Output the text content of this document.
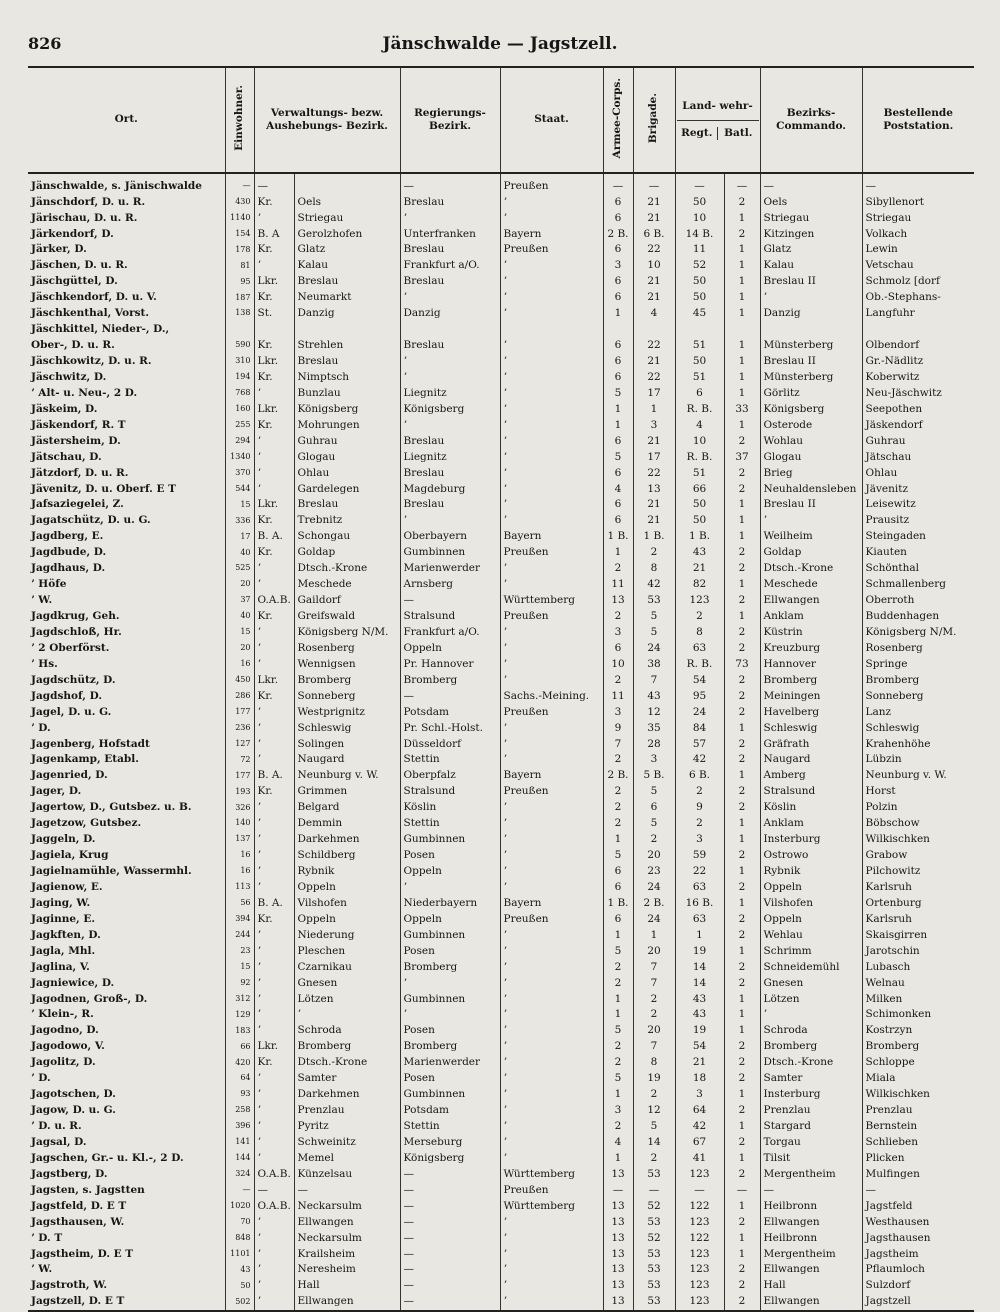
826	Jänschwalde — Jagstzell.
Ort.	Einwohner.	Verwaltungs- bezw. Aushebungs- Bezirk.		Regierungs- Bezirk.	Staat.	Armee-Corps.	Brigade.	Land- wehr-
Regt. Batl.		Bezirks- Commando.	Bestellende Poststation.
Jänschwalde, s. Jänischwalde	—	—		—	Preußen	—	—	—	—	—	—
Jänschdorf, D. u. R.	430	Kr.	Oels	Breslau	ʼ	6	21	50	2	Oels	Sibyllenort
Järischau, D. u. R.	1140	ʼ	Striegau	ʼ	ʼ	6	21	10	1	Striegau	Striegau
Järkendorf, D.	154	B. A	Gerolzhofen	Unterfranken	Bayern	2 B.	6 B.	14 B.	2	Kitzingen	Volkach
Järker, D.	178	Kr.	Glatz	Breslau	Preußen	6	22	11	1	Glatz	Lewin
Jäschen, D. u. R.	81	ʼ	Kalau	Frankfurt a/O.	ʼ	3	10	52	1	Kalau	Vetschau
Jäschgüttel, D.	95	Lkr.	Breslau	Breslau	ʼ	6	21	50	1	Breslau II	Schmolz [dorf
Jäschkendorf, D. u. V.	187	Kr.	Neumarkt	ʼ	ʼ	6	21	50	1	ʼ	Ob.-Stephans-
Jäschkenthal, Vorst.	138	St.	Danzig	Danzig	ʼ	1	4	45	1	Danzig	Langfuhr
Jäschkittel, Nieder-, D.,											
Ober-, D. u. R.	590	Kr.	Strehlen	Breslau	ʼ	6	22	51	1	Münsterberg	Olbendorf
Jäschkowitz, D. u. R.	310	Lkr.	Breslau	ʼ	ʼ	6	21	50	1	Breslau II	Gr.-Nädlitz
Jäschwitz, D.	194	Kr.	Nimptsch	ʼ	ʼ	6	22	51	1	Münsterberg	Koberwitz
ʼ Alt- u. Neu-, 2 D.	768	ʼ	Bunzlau	Liegnitz	ʼ	5	17	6	1	Görlitz	Neu-Jäschwitz
Jäskeim, D.	160	Lkr.	Königsberg	Königsberg	ʼ	1	1	R. B.	33	Königsberg	Seepothen
Jäskendorf, R. T	255	Kr.	Mohrungen	ʼ	ʼ	1	3	4	1	Osterode	Jäskendorf
Jästersheim, D.	294	ʼ	Guhrau	Breslau	ʼ	6	21	10	2	Wohlau	Guhrau
Jätschau, D.	1340	ʼ	Glogau	Liegnitz	ʼ	5	17	R. B.	37	Glogau	Jätschau
Jätzdorf, D. u. R.	370	ʼ	Ohlau	Breslau	ʼ	6	22	51	2	Brieg	Ohlau
Jävenitz, D. u. Oberf. E T	544	ʼ	Gardelegen	Magdeburg	ʼ	4	13	66	2	Neuhaldensleben	Jävenitz
Jafsaziegelei, Z.	15	Lkr.	Breslau	Breslau	ʼ	6	21	50	1	Breslau II	Leisewitz
Jagatschütz, D. u. G.	336	Kr.	Trebnitz	ʼ	ʼ	6	21	50	1	ʼ	Prausitz
Jagdberg, E.	17	B. A.	Schongau	Oberbayern	Bayern	1 B.	1 B.	1 B.	1	Weilheim	Steingaden
Jagdbude, D.	40	Kr.	Goldap	Gumbinnen	Preußen	1	2	43	2	Goldap	Kiauten
Jagdhaus, D.	525	ʼ	Dtsch.-Krone	Marienwerder	ʼ	2	8	21	2	Dtsch.-Krone	Schönthal
ʼ Höfe	20	ʼ	Meschede	Arnsberg	ʼ	11	42	82	1	Meschede	Schmallenberg
ʼ W.	37	O.A.B.	Gaildorf	—	Württemberg	13	53	123	2	Ellwangen	Oberroth
Jagdkrug, Geh.	40	Kr.	Greifswald	Stralsund	Preußen	2	5	2	1	Anklam	Buddenhagen
Jagdschloß, Hr.	15	ʼ	Königsberg N/M.	Frankfurt a/O.	ʼ	3	5	8	2	Küstrin	Königsberg N/M.
ʼ 2 Oberförst.	20	ʼ	Rosenberg	Oppeln	ʼ	6	24	63	2	Kreuzburg	Rosenberg
ʼ Hs.	16	ʼ	Wennigsen	Pr. Hannover	ʼ	10	38	R. B.	73	Hannover	Springe
Jagdschütz, D.	450	Lkr.	Bromberg	Bromberg	ʼ	2	7	54	2	Bromberg	Bromberg
Jagdshof, D.	286	Kr.	Sonneberg	—	Sachs.-Meining.	11	43	95	2	Meiningen	Sonneberg
Jagel, D. u. G.	177	ʼ	Westprignitz	Potsdam	Preußen	3	12	24	2	Havelberg	Lanz
ʼ D.	236	ʼ	Schleswig	Pr. Schl.-Holst.	ʼ	9	35	84	1	Schleswig	Schleswig
Jagenberg, Hofstadt	127	ʼ	Solingen	Düsseldorf	ʼ	7	28	57	2	Gräfrath	Krahenhöhe
Jagenkamp, Etabl.	72	ʼ	Naugard	Stettin	ʼ	2	3	42	2	Naugard	Lübzin
Jagenried, D.	177	B. A.	Neunburg v. W.	Oberpfalz	Bayern	2 B.	5 B.	6 B.	1	Amberg	Neunburg v. W.
Jager, D.	193	Kr.	Grimmen	Stralsund	Preußen	2	5	2	2	Stralsund	Horst
Jagertow, D., Gutsbez. u. B.	326	ʼ	Belgard	Köslin	ʼ	2	6	9	2	Köslin	Polzin
Jagetzow, Gutsbez.	140	ʼ	Demmin	Stettin	ʼ	2	5	2	1	Anklam	Böbschow
Jaggeln, D.	137	ʼ	Darkehmen	Gumbinnen	ʼ	1	2	3	1	Insterburg	Wilkischken
Jagiela, Krug	16	ʼ	Schildberg	Posen	ʼ	5	20	59	2	Ostrowo	Grabow
Jagielnamühle, Wassermhl.	16	ʼ	Rybnik	Oppeln	ʼ	6	23	22	1	Rybnik	Pilchowitz
Jagienow, E.	113	ʼ	Oppeln	ʼ	ʼ	6	24	63	2	Oppeln	Karlsruh
Jaging, W.	56	B. A.	Vilshofen	Niederbayern	Bayern	1 B.	2 B.	16 B.	1	Vilshofen	Ortenburg
Jaginne, E.	394	Kr.	Oppeln	Oppeln	Preußen	6	24	63	2	Oppeln	Karlsruh
Jagkften, D.	244	ʼ	Niederung	Gumbinnen	ʼ	1	1	1	2	Wehlau	Skaisgirren
Jagla, Mhl.	23	ʼ	Pleschen	Posen	ʼ	5	20	19	1	Schrimm	Jarotschin
Jaglina, V.	15	ʼ	Czarnikau	Bromberg	ʼ	2	7	14	2	Schneidemühl	Lubasch
Jagniewice, D.	92	ʼ	Gnesen	ʼ	ʼ	2	7	14	2	Gnesen	Welnau
Jagodnen, Groß-, D.	312	ʼ	Lötzen	Gumbinnen	ʼ	1	2	43	1	Lötzen	Milken
ʼ Klein-, R.	129	ʼ	ʼ	ʼ	ʼ	1	2	43	1	ʼ	Schimonken
Jagodno, D.	183	ʼ	Schroda	Posen	ʼ	5	20	19	1	Schroda	Kostrzyn
Jagodowo, V.	66	Lkr.	Bromberg	Bromberg	ʼ	2	7	54	2	Bromberg	Bromberg
Jagolitz, D.	420	Kr.	Dtsch.-Krone	Marienwerder	ʼ	2	8	21	2	Dtsch.-Krone	Schloppe
ʼ D.	64	ʼ	Samter	Posen	ʼ	5	19	18	2	Samter	Miala
Jagotschen, D.	93	ʼ	Darkehmen	Gumbinnen	ʼ	1	2	3	1	Insterburg	Wilkischken
Jagow, D. u. G.	258	ʼ	Prenzlau	Potsdam	ʼ	3	12	64	2	Prenzlau	Prenzlau
ʼ D. u. R.	396	ʼ	Pyritz	Stettin	ʼ	2	5	42	1	Stargard	Bernstein
Jagsal, D.	141	ʼ	Schweinitz	Merseburg	ʼ	4	14	67	2	Torgau	Schlieben
Jagschen, Gr.- u. Kl.-, 2 D.	144	ʼ	Memel	Königsberg	ʼ	1	2	41	1	Tilsit	Plicken
Jagstberg, D.	324	O.A.B.	Künzelsau	—	Württemberg	13	53	123	2	Mergentheim	Mulfingen
Jagsten, s. Jagstten	—	—	—	—	Preußen	—	—	—	—	—	—
Jagstfeld, D. E T	1020	O.A.B.	Neckarsulm	—	Württemberg	13	52	122	1	Heilbronn	Jagstfeld
Jagsthausen, W.	70	ʼ	Ellwangen	—	ʼ	13	53	123	2	Ellwangen	Westhausen
ʼ D. T	848	ʼ	Neckarsulm	—	ʼ	13	52	122	1	Heilbronn	Jagsthausen
Jagstheim, D. E T	1101	ʼ	Krailsheim	—	ʼ	13	53	123	1	Mergentheim	Jagstheim
ʼ W.	43	ʼ	Neresheim	—	ʼ	13	53	123	2	Ellwangen	Pflaumloch
Jagstroth, W.	50	ʼ	Hall	—	ʼ	13	53	123	2	Hall	Sulzdorf
Jagstzell, D. E T	502	ʼ	Ellwangen	—	ʼ	13	53	123	2	Ellwangen	Jagstzell
